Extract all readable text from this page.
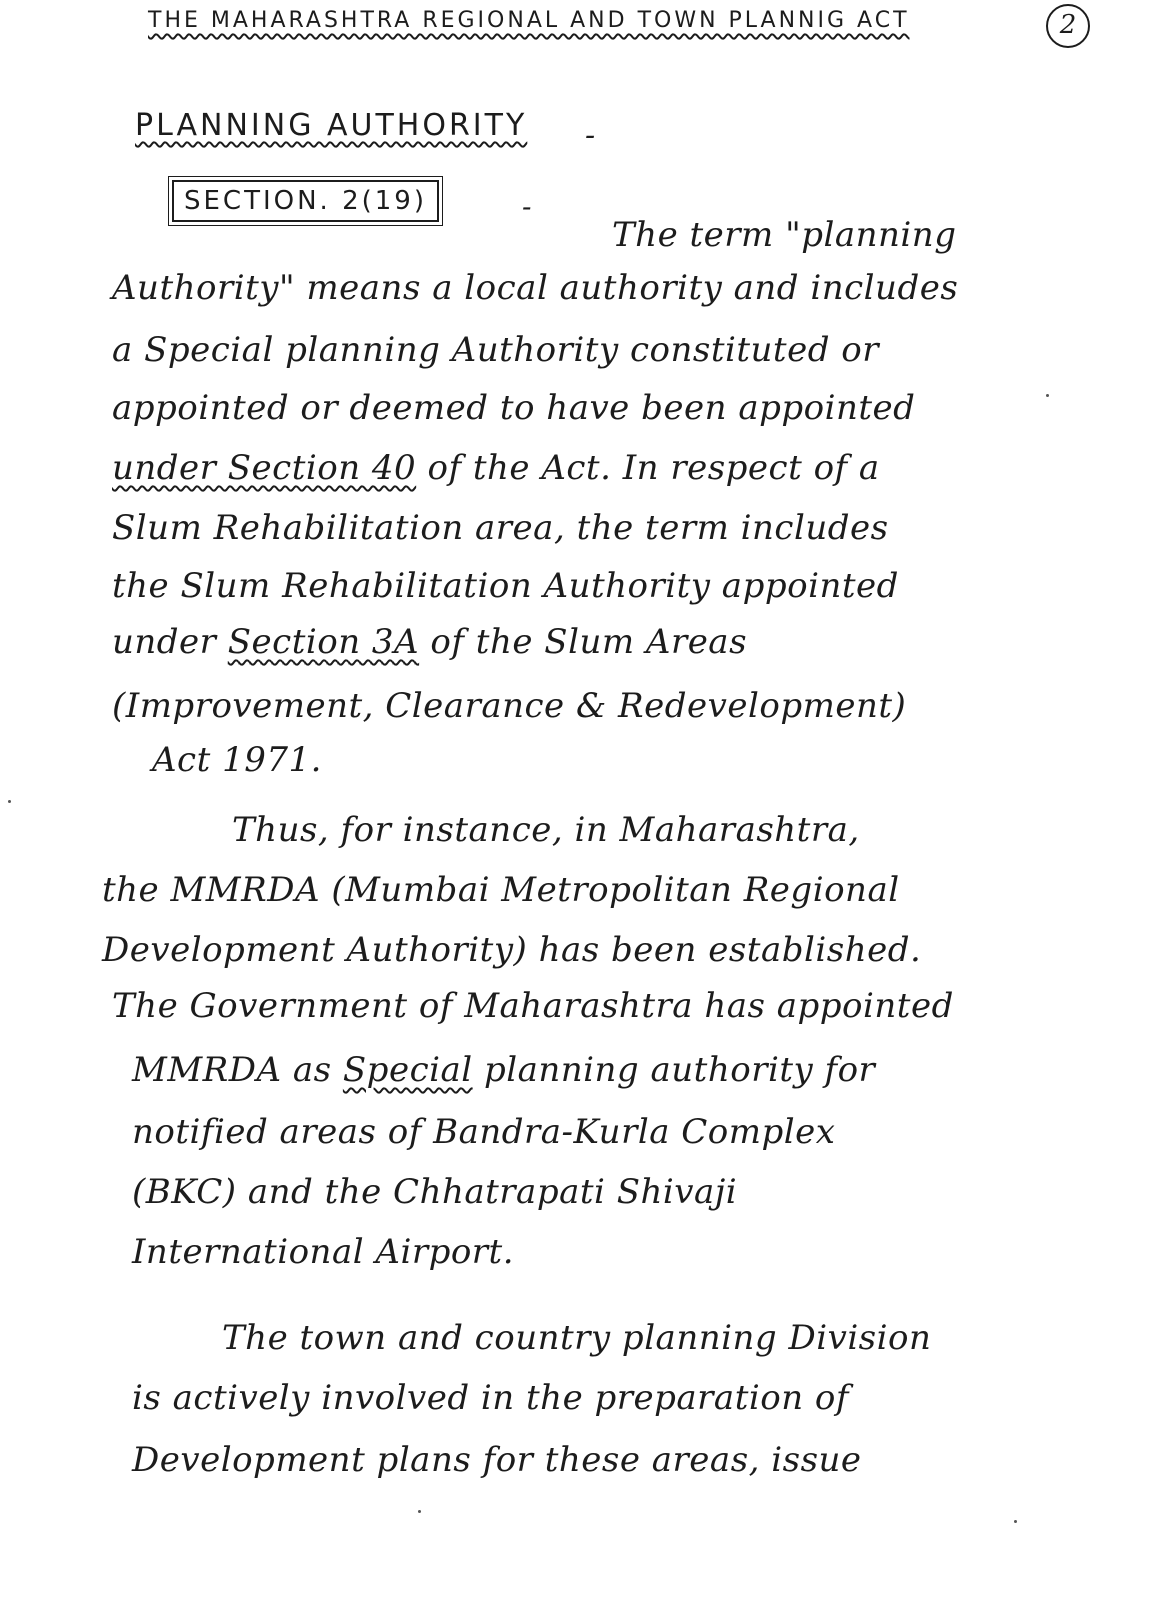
THE MAHARASHTRA REGIONAL AND TOWN PLANNIG ACT	2
PLANNING AUTHORITY -
SECTION. 2(19)	-
The term "planning
Authority" means a local authority and includes
a Special planning Authority constituted or
appointed or deemed to have been appointed
under Section 40 of the Act. In respect of a
Slum Rehabilitation area, the term includes
the Slum Rehabilitation Authority appointed
under Section 3A of the Slum Areas
(Improvement, Clearance & Redevelopment)
Act 1971.
Thus, for instance, in Maharashtra,
the MMRDA (Mumbai Metropolitan Regional
Development Authority) has been established.
The Government of Maharashtra has appointed
MMRDA as Special planning authority for
notified areas of Bandra-Kurla Complex
(BKC) and the Chhatrapati Shivaji
International Airport.
The town and country planning Division
is actively involved in the preparation of
Development plans for these areas, issue
